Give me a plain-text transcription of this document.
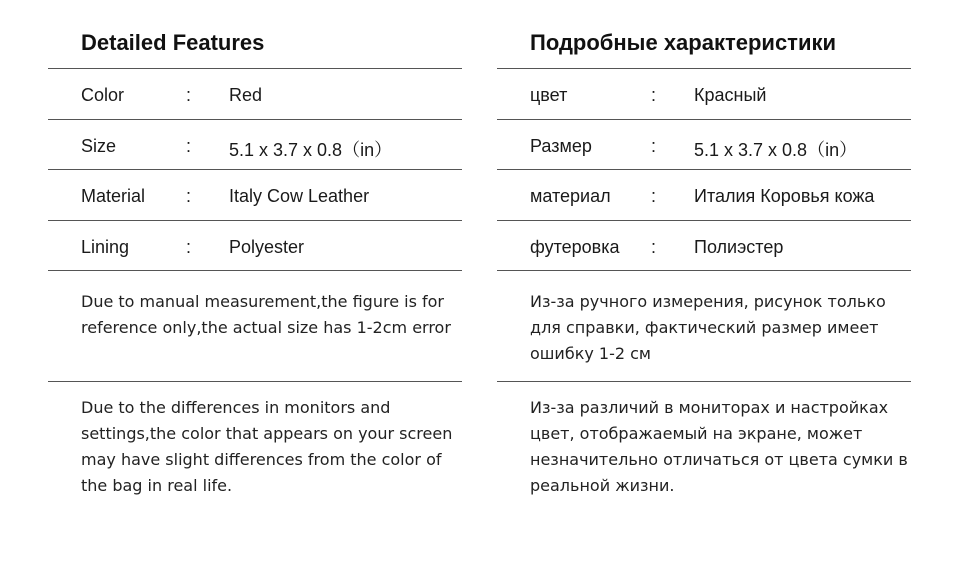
Detailed Features
Color	: Red
Size	: 5.1 x 3.7 x 0.8（in）
Material : Italy Cow Leather
Lining	: Polyester
Due to manual measurement,the figure is for reference only,the actual size has 1-2cm error
Due to the differences in monitors and settings,the color that appears on your screen may have slight differences from the color of the bag in real life.
Подробные характеристики
цвет	: Красный
Размер	: 5.1 x 3.7 x 0.8（in）
материал : Италия Коровья кожа
футеровка : Полиэстер
Из-за ручного измерения, рисунок только для справки, фактический размер имеет ошибку 1-2 см
Из-за различий в мониторах и настройках цвет, отображаемый на экране, может незначительно отличаться от цвета сумки в реальной жизни.
